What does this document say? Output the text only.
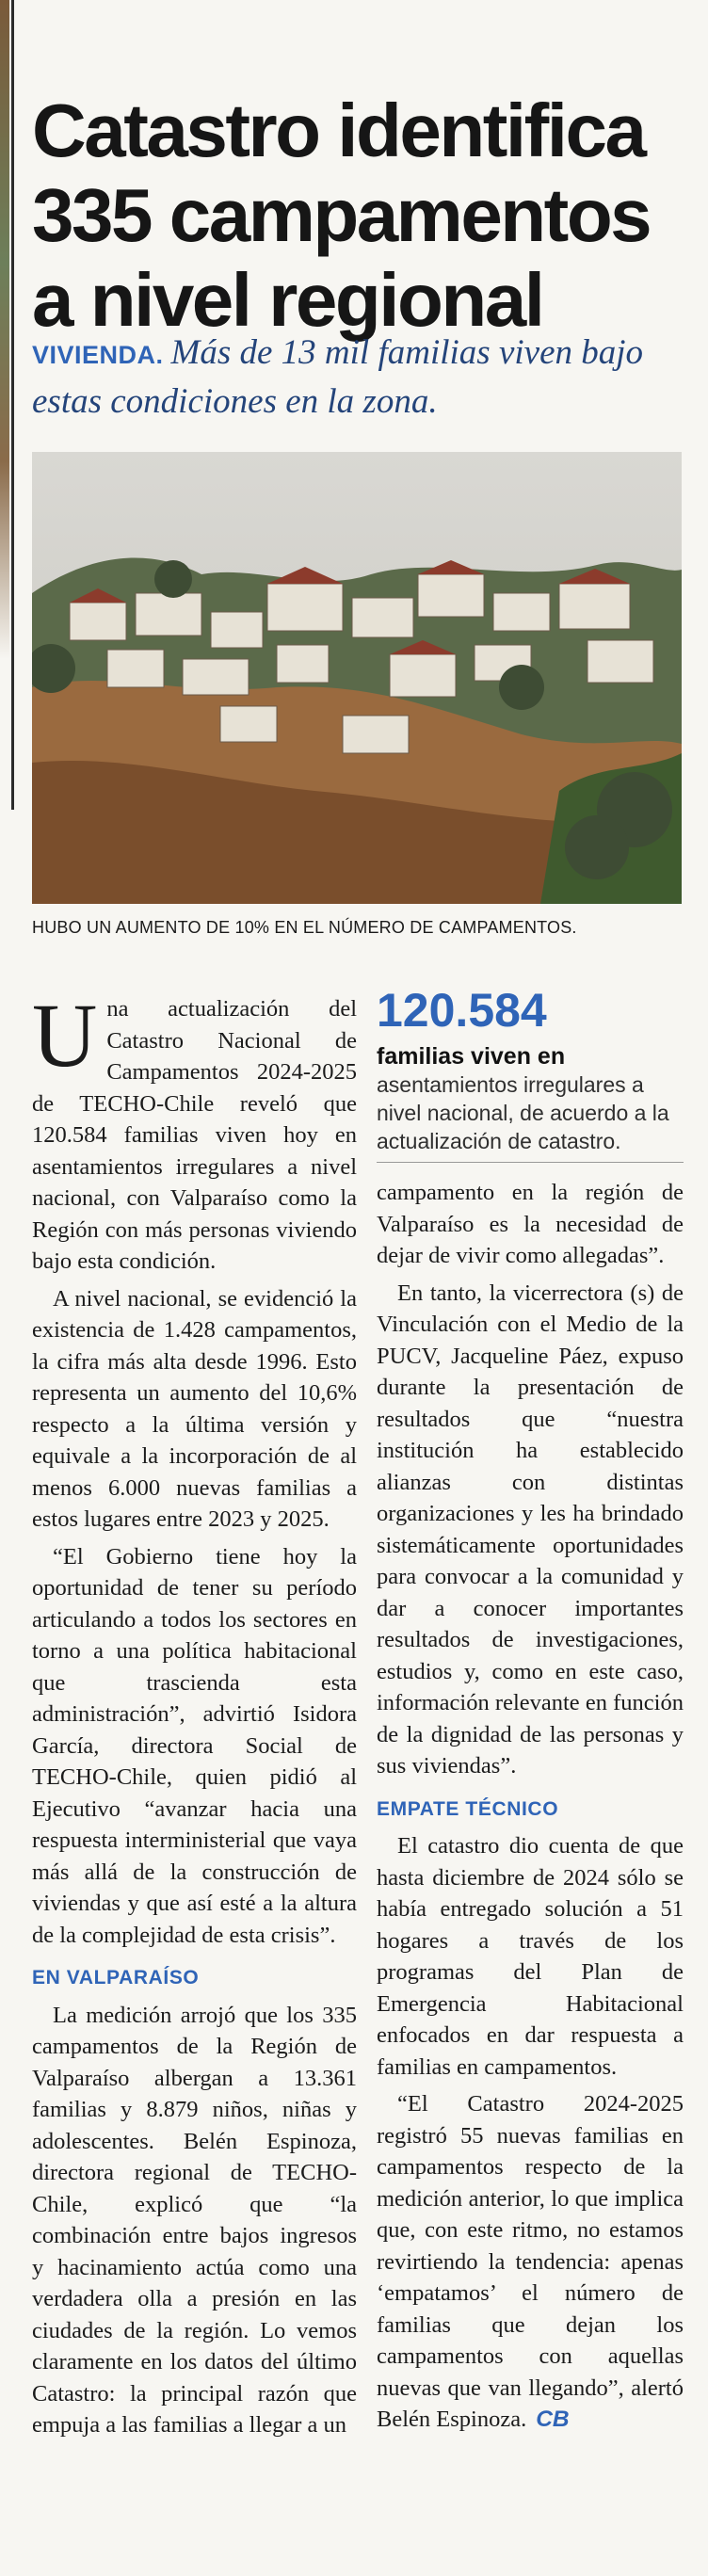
Catastro identifica
335 campamentos
a nivel regional
VIVIENDA. Más de 13 mil familias viven bajo estas condiciones en la zona.
HUBO UN AUMENTO DE 10% EN EL NÚMERO DE CAMPAMENTOS.
120.584
familias viven en asentamientos irregulares a nivel nacional, de acuerdo a la actualización de catastro.

Una actualización del Catastro Nacional de Campamentos 2024-2025 de TECHO-Chile reveló que 120.584 familias viven hoy en asentamientos irregulares a nivel nacional, con Valparaíso como la Región con más personas viviendo bajo esta condición.

A nivel nacional, se evidenció la existencia de 1.428 campamentos, la cifra más alta desde 1996. Esto representa un aumento del 10,6% respecto a la última versión y equivale a la incorporación de al menos 6.000 nuevas familias a estos lugares entre 2023 y 2025.

“El Gobierno tiene hoy la oportunidad de tener su período articulando a todos los sectores en torno a una política habitacional que trascienda esta administración”, advirtió Isidora García, directora Social de TECHO-Chile, quien pidió al Ejecutivo “avanzar hacia una respuesta interministerial que vaya más allá de la construcción de viviendas y que así esté a la altura de la complejidad de esta crisis”.

EN VALPARAÍSO

La medición arrojó que los 335 campamentos de la Región de Valparaíso albergan a 13.361 familias y 8.879 niños, niñas y adolescentes. Belén Espinoza, directora regional de TECHO-Chile, explicó que “la combinación entre bajos ingresos y hacinamiento actúa como una verdadera olla a presión en las ciudades de la región. Lo vemos claramente en los datos del último Catastro: la principal razón que empuja a las familias a llegar a un

campamento en la región de Valparaíso es la necesidad de dejar de vivir como allegadas”.

En tanto, la vicerrectora (s) de Vinculación con el Medio de la PUCV, Jacqueline Páez, expuso durante la presentación de resultados que “nuestra institución ha establecido alianzas con distintas organizaciones y les ha brindado sistemáticamente oportunidades para convocar a la comunidad y dar a conocer importantes resultados de investigaciones, estudios y, como en este caso, información relevante en función de la dignidad de las personas y sus viviendas”.

EMPATE TÉCNICO

El catastro dio cuenta de que hasta diciembre de 2024 sólo se había entregado solución a 51 hogares a través de los programas del Plan de Emergencia Habitacional enfocados en dar respuesta a familias en campamentos.

“El Catastro 2024-2025 registró 55 nuevas familias en campamentos respecto de la medición anterior, lo que implica que, con este ritmo, no estamos revirtiendo la tendencia: apenas ‘empatamos’ el número de familias que dejan los campamentos con aquellas nuevas que van llegando”, alertó Belén Espinoza. CB
